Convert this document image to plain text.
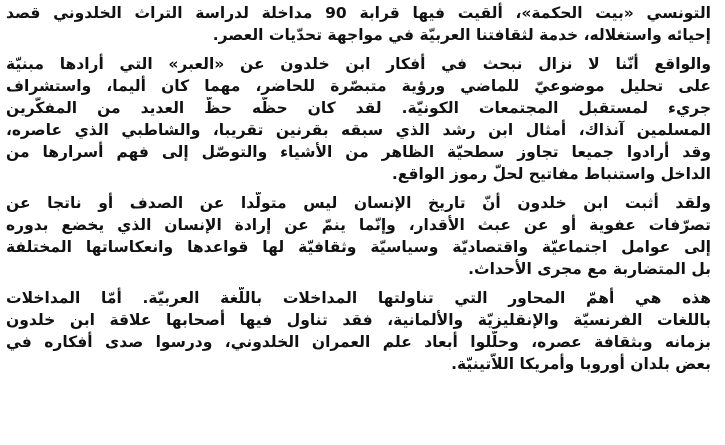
التونسي «بيت الحكمة»، ألقيت فيها قرابة 90 مداخلة لدراسة التراث الخلدوني قصد
إحيائه واستغلاله، خدمة لثقافتنا العربيّة في مواجهة تحدّيات العصر.
والواقع أنّنا لا نزال نبحث في أفكار ابن خلدون عن «العبر» التي أرادها مبنيّة
على تحليل موضوعيّ للماضي ورؤية متبصّرة للحاضر، مهما كان أليما، واستشراف
جريء لمستقبل المجتمعات الكونيّة. لقد كان حظّه حظّ العديد من المفكّرين
المسلمين آنذاك، أمثال ابن رشد الذي سبقه بقرنين تقريبا، والشاطبي الذي عاصره،
وقد أرادوا جميعا تجاوز سطحيّة الظاهر من الأشياء والتوصّل إلى فهم أسرارها من
الداخل واستنباط مفاتيح لحلّ رموز الواقع.
ولقد أثبت ابن خلدون أنّ تاريخ الإنسان ليس متولّدا عن الصدف أو ناتجا عن
تصرّفات عفوية أو عن عبث الأقدار، وإنّما ينمّ عن إرادة الإنسان الذي يخضع بدوره
إلى عوامل اجتماعيّة واقتصاديّة وسياسيّة وثقافيّة لها قواعدها وانعكاساتها المختلفة
بل المتضاربة مع مجرى الأحداث.
هذه هي أهمّ المحاور التي تناولتها المداخلات باللّغة العربيّة. أمّا المداخلات
باللغات الفرنسيّة والإنقليزيّة والألمانية، فقد تناول فيها أصحابها علاقة ابن خلدون
بزمانه وبثقافة عصره، وحلّلوا أبعاد علم العمران الخلدوني، ودرسوا صدى أفكاره في
بعض بلدان أوروبا وأمريكا اللاّتينيّة.
